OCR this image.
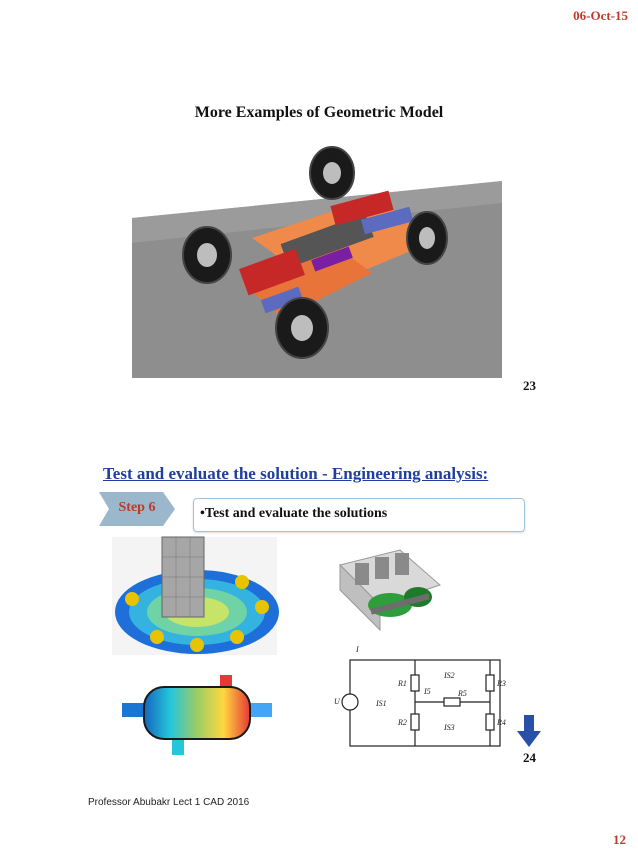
06-Oct-15
More Examples of Geometric Model
23
Test and evaluate the solution - Engineering analysis:
Step 6	•Test and evaluate the solutions
I
U
R1
R2
R3
R4
R5
I5
IS1
IS2
IS3
24
Professor Abubakr Lect 1 CAD 2016
12
